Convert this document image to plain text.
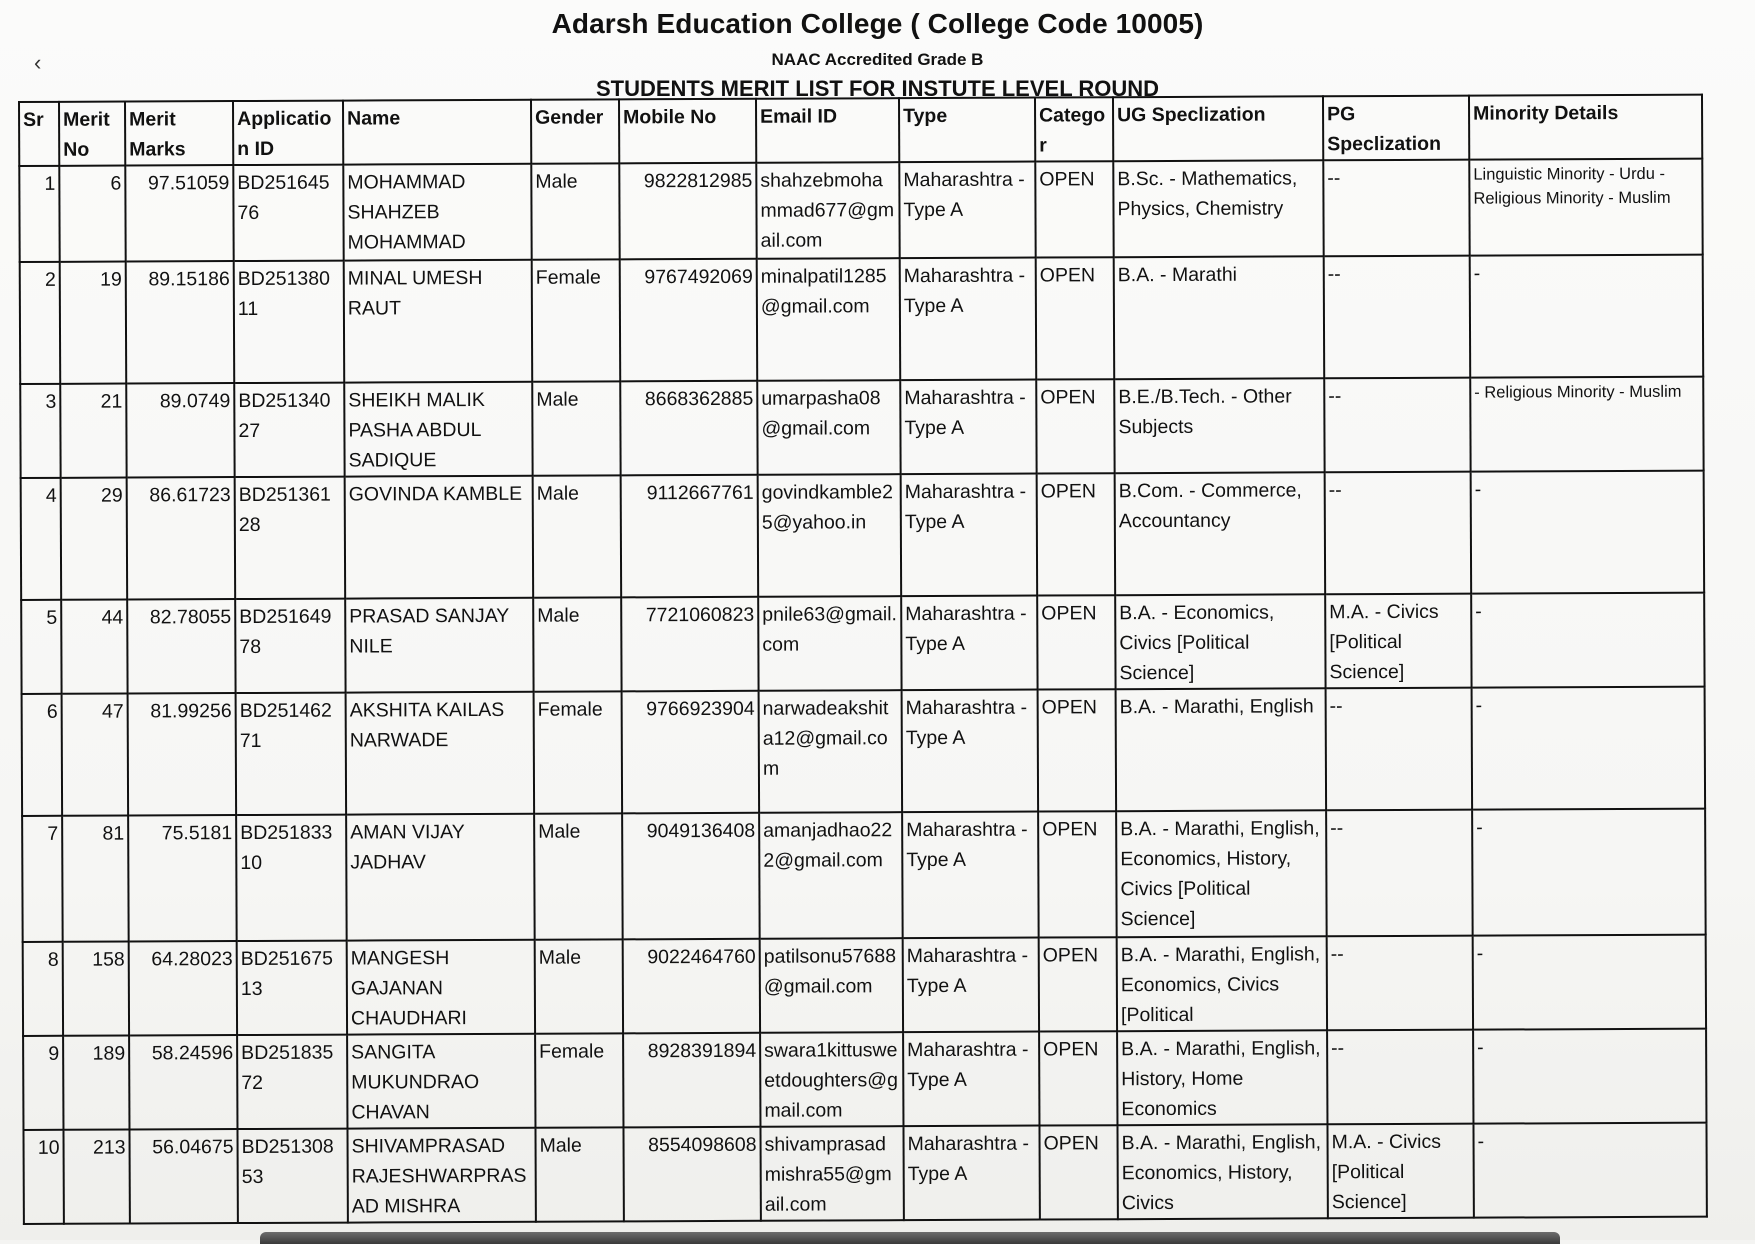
‹
Adarsh Education College ( College Code 10005)
NAAC Accredited Grade B
STUDENTS MERIT LIST FOR INSTUTE LEVEL ROUND
Sr	Merit No	Merit Marks	Application ID	Name	Gender	Mobile No	Email ID	Type	Categor	UG Speclization	PG Speclization	Minority Details
1	6	97.51059	BD25164576	MOHAMMAD SHAHZEB MOHAMMAD	Male	9822812985	shahzebmohammad677@gmail.com	Maharashtra - Type A	OPEN	B.Sc. - Mathematics, Physics, Chemistry	--	Linguistic Minority - Urdu - Religious Minority - Muslim
2	19	89.15186	BD25138011	MINAL UMESH RAUT	Female	9767492069	minalpatil1285@gmail.com	Maharashtra - Type A	OPEN	B.A. - Marathi	--	-
3	21	89.0749	BD25134027	SHEIKH MALIK PASHA ABDUL SADIQUE	Male	8668362885	umarpasha08@gmail.com	Maharashtra - Type A	OPEN	B.E./B.Tech. - Other Subjects	--	- Religious Minority - Muslim
4	29	86.61723	BD25136128	GOVINDA KAMBLE	Male	9112667761	govindkamble25@yahoo.in	Maharashtra - Type A	OPEN	B.Com. - Commerce, Accountancy	--	-
5	44	82.78055	BD25164978	PRASAD SANJAY NILE	Male	7721060823	pnile63@gmail.com	Maharashtra - Type A	OPEN	B.A. - Economics, Civics [Political Science]	M.A. - Civics [Political Science]	-
6	47	81.99256	BD25146271	AKSHITA KAILAS NARWADE	Female	9766923904	narwadeakshita12@gmail.com	Maharashtra - Type A	OPEN	B.A. - Marathi, English	--	-
7	81	75.5181	BD25183310	AMAN VIJAY JADHAV	Male	9049136408	amanjadhao222@gmail.com	Maharashtra - Type A	OPEN	B.A. - Marathi, English, Economics, History, Civics [Political Science]	--	-
8	158	64.28023	BD25167513	MANGESH GAJANAN CHAUDHARI	Male	9022464760	patilsonu57688@gmail.com	Maharashtra - Type A	OPEN	B.A. - Marathi, English, Economics, Civics [Political	--	-
9	189	58.24596	BD25183572	SANGITA MUKUNDRAO CHAVAN	Female	8928391894	swara1kittusweetdoughters@gmail.com	Maharashtra - Type A	OPEN	B.A. - Marathi, English, History, Home Economics	--	-
10	213	56.04675	BD25130853	SHIVAMPRASAD RAJESHWARPRASAD MISHRA	Male	8554098608	shivamprasadmishra55@gmail.com	Maharashtra - Type A	OPEN	B.A. - Marathi, English, Economics, History, Civics	M.A. - Civics [Political Science]	-
